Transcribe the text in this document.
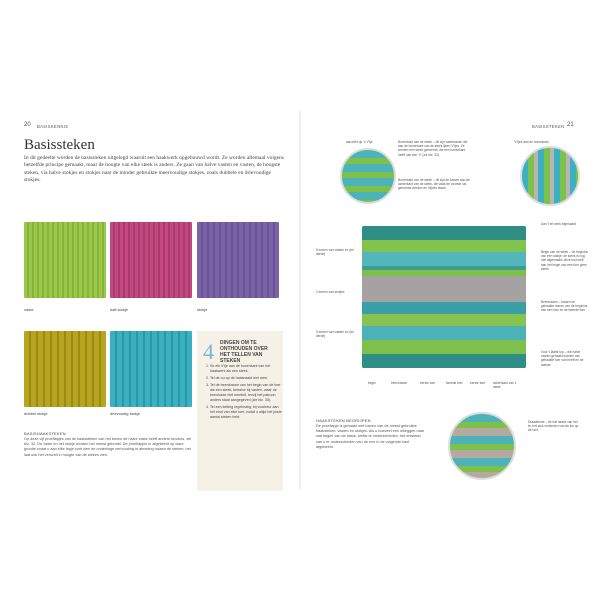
20 BASISKENNIS
Basissteken
In dit gedeelte worden de basissteken uitgelegd waaruit een haakwerk opgebouwd wordt. Ze worden allemaal volgens hetzelfde principe gemaakt, maar de hoogte van elke steek is anders. Ze gaan van halve vasten en vasten, de hoogste steken, via halve stokjes en stokjes naar de minder gebruikte meervoudige stokjes, zoals dubbele en drievoudige stokjes.
vaste	half stokje	stokje
dubbel stokje	drievoudig stokje
4 DINGEN OM TE ONTHOUDEN OVER HET TELLEN VAN STEKEN
1. Se elk V'tje aan de bovenkant van het haakwerk als een steek.
2. Tel de ou op de haaknaald niet mee.
3. Tel de beenlussen van het begin van de toer als een steek, behalve bij vasten, waar de beenlusse niet meetelt, tenzij het patroon anders staat aangegeven (zie blz. 35).
4. Tel een ketting regelmatig; bij voorkeur aan het eind van elke toer, zodat u altijd het juiste aantal steken hebt.
BASISHAAKSTEKEN
Op deze vijf proeflapjes van de basissteken van het boven de halve vaste heeft andere functies, zie blz. 32. De vaste en het stokje worden het meest gebruikt. De proeflapjes in afgebeeld op ware grootte zodat u aan elke lapje kunt zien de onderlinge verhouding in afmeting tussen de steken; het laat ook het verschil in hoogte van de steken zien.
BASISSTEKEN 21
aanzicht op 'n V'tje	Bovenkant van de steek – dit zijn vastelussen die aan de bovenkant van de steek lijken V'tjes. Ze worden een steek genoemd, die een bovenkant heeft van een 'V' (zie blz. 33).
Bovenkant van de steek – dit zijn de lussen aan de achterkant van de steek, die vaak de voorste lus genoemd worden en blijven staan.
'V'tjes aan de bovenkant
5 toeren van vasten en (tel derde)
2 toeren van stokjes
5 toeren van vasten en (tel derde)
Aan 't tel werk afgenaard
Begin van de steek – de beginlus van een stokje; de steek is nog niet afgemaakt; deze lus heeft aan het begin van een toer geen steek.
Beenlussen – tussen de gehaakte toeren van de beginlus van een toer en de tweede toer.
Voor 't laatst top – die halve vasten gehaakt worden van gehaakte toer van heeft en de laatste.
begin	beenlussen	eerste toer	tweede toer	eerste toer	achterkant van 1 steek
HAAKSTEKEN BEGRIJPEN
De proeflapje is gehaakt met toeren van de meest gebruikte haaksteken: vasten en stokjes. Als u hoeveel een uitleggen naar wat begint van de basis, welke te onderscheiden, het ontstaan van u te onderscheiden van de ene in de volgende kant afgebeeld.
Draadeinde – de hat haaks van het te, het stuk verbinden van de lus op de toer.
